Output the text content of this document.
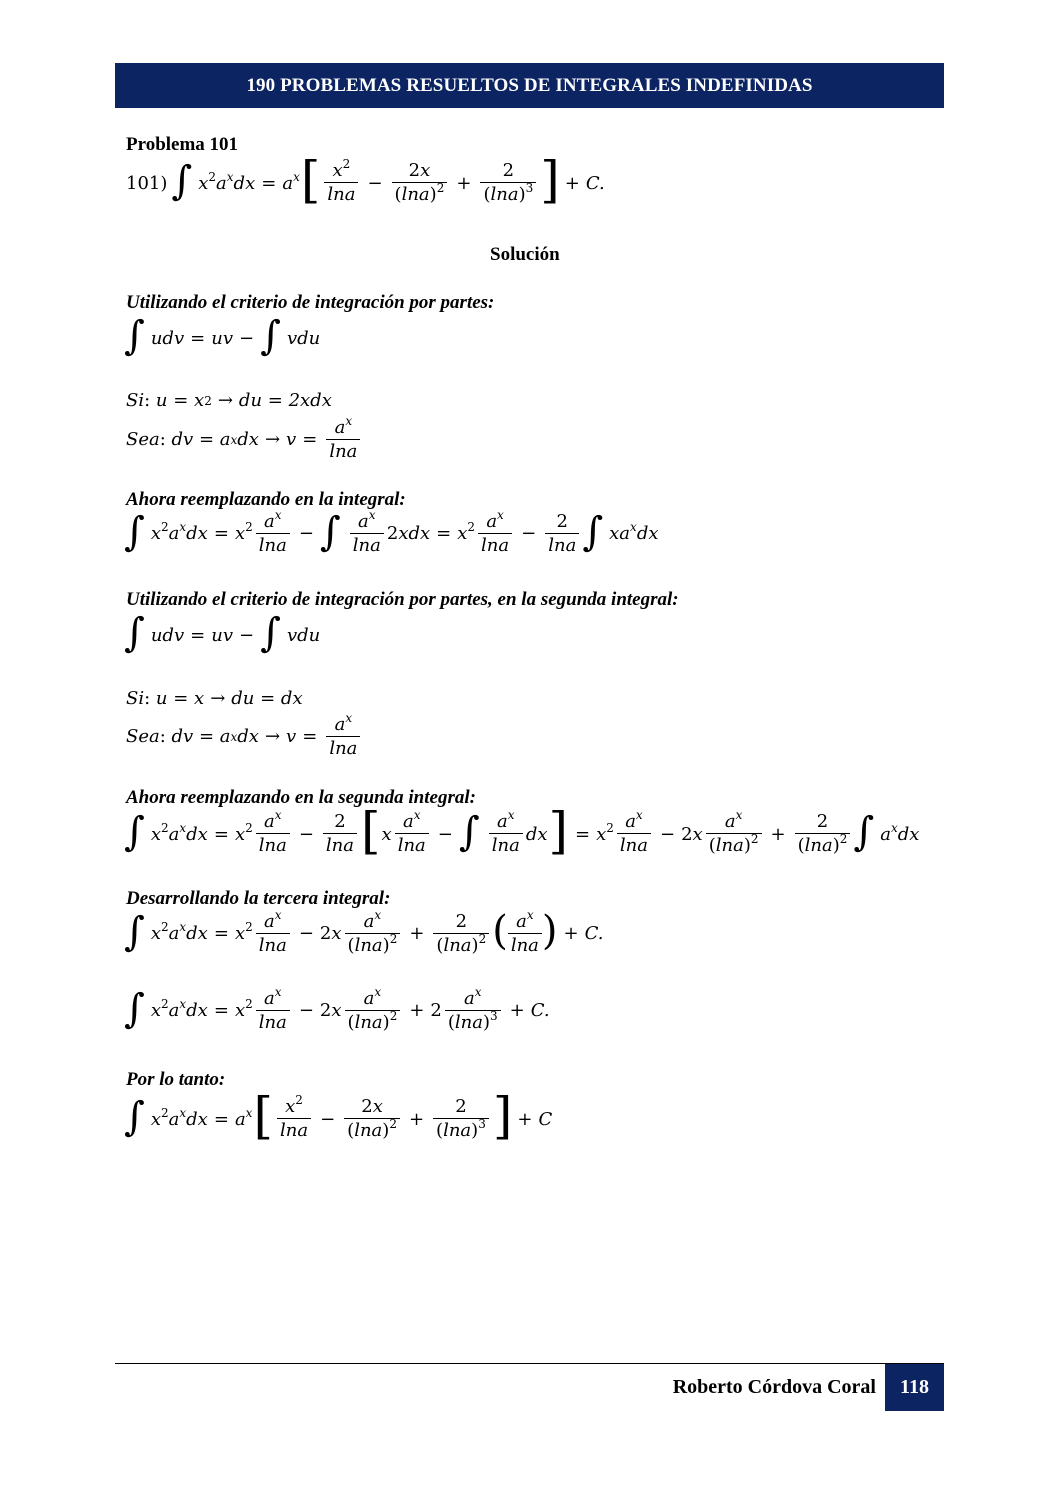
190 PROBLEMAS RESUELTOS DE INTEGRALES INDEFINIDAS
Problema 101
101) ∫ $x^2a^xdx = a^x$ [ $\frac{x^2}{\ln a} - \frac{2x}{(\ln a)^2} + \frac{2}{(\ln a)^3}$ ] + C.
Solución
Utilizando el criterio de integración por partes:
∫ udv = uv − ∫ vdu
Si :
u = x 2 → du = 2xdx
Sea :
dv = a x dx → $v = \frac{a^x}{\ln a}$
Ahora reemplazando en la integral:
∫ $x^2a^xdx = x^2 \frac{a^x}{\ln a}$ − ∫ $\frac{a^x}{\ln a} 2xdx = x^2 \frac{a^x}{\ln a} - \frac{2}{\ln a}$ ∫ $xa^xdx$
Utilizando el criterio de integración por partes, en la segunda integral:
∫ udv = uv − ∫ vdu
Si :
u = x → du = dx
Sea :
dv = a x dx → $v = \frac{a^x}{\ln a}$
Ahora reemplazando en la segunda integral:
∫ $x^2a^xdx = x^2 \frac{a^x}{\ln a} - \frac{2}{\ln a}$ [ x $\frac{a^x}{\ln a}$ − ∫ $\frac{a^x}{\ln a}$ dx ] = $x^2 \frac{a^x}{\ln a} - 2x \frac{a^x}{(\ln a)^2} + \frac{2}{(\ln a)^2}$ ∫ $a^xdx$
Desarrollando la tercera integral:
∫ $x^2a^xdx = x^2 \frac{a^x}{\ln a} - 2x \frac{a^x}{(\ln a)^2} + \frac{2}{(\ln a)^2}$ ( $\frac{a^x}{\ln a}$ ) + C.
∫ $x^2a^xdx = x^2 \frac{a^x}{\ln a} - 2x \frac{a^x}{(\ln a)^2} + 2 \frac{a^x}{(\ln a)^3} + C$.
Por lo tanto:
∫ $x^2a^xdx = a^x$ [ $\frac{x^2}{\ln a} - \frac{2x}{(\ln a)^2} + \frac{2}{(\ln a)^3}$ ] + C
Roberto Córdova Coral	118
